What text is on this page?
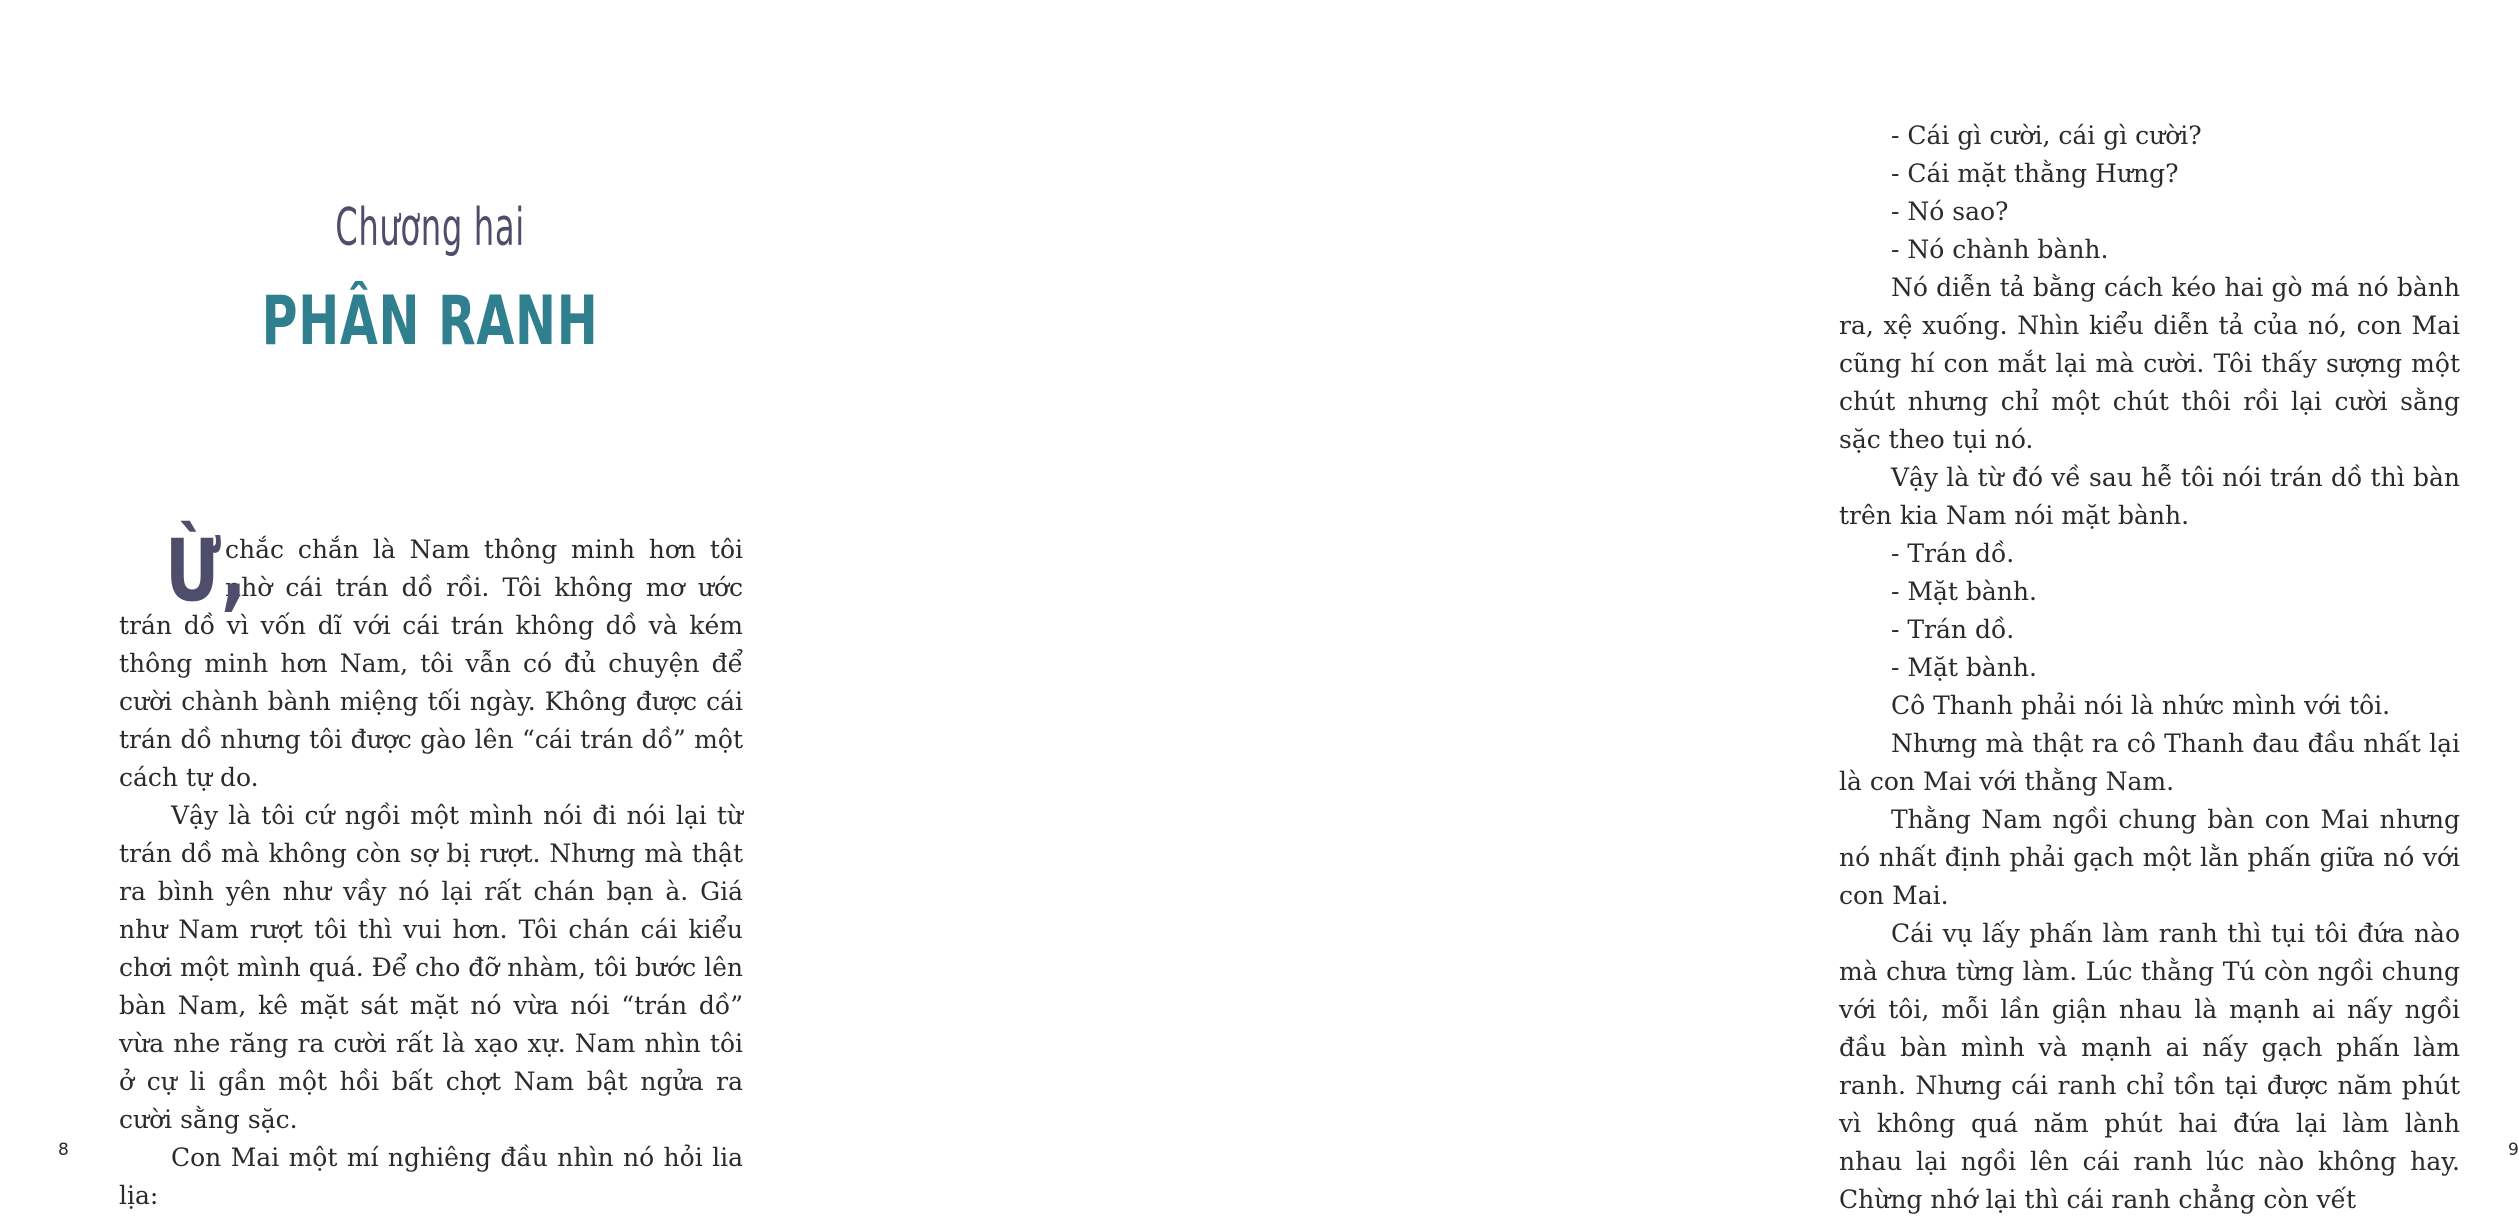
Chương hai
PHÂN RANH

Ừ,
chắc chắn là Nam thông minh hơn tôi nhờ cái trán dồ rồi. Tôi không mơ ước trán dồ vì vốn dĩ với cái trán không dồ và kém thông minh hơn Nam, tôi vẫn có đủ chuyện để cười chành bành miệng tối ngày. Không được cái trán dồ nhưng tôi được gào lên “cái trán dồ” một cách tự do.

Vậy là tôi cứ ngồi một mình nói đi nói lại từ trán dồ mà không còn sợ bị rượt. Nhưng mà thật ra bình yên như vầy nó lại rất chán bạn à. Giá như Nam rượt tôi thì vui hơn. Tôi chán cái kiểu chơi một mình quá. Để cho đỡ nhàm, tôi bước lên bàn Nam, kê mặt sát mặt nó vừa nói “trán dồ” vừa nhe răng ra cười rất là xạo xự. Nam nhìn tôi ở cự li gần một hồi bất chợt Nam bật ngửa ra cười sằng sặc.

Con Mai một mí nghiêng đầu nhìn nó hỏi lia lịa:

8

- Cái gì cười, cái gì cười?

- Cái mặt thằng Hưng?

- Nó sao?

- Nó chành bành.

Nó diễn tả bằng cách kéo hai gò má nó bành ra, xệ xuống. Nhìn kiểu diễn tả của nó, con Mai cũng hí con mắt lại mà cười. Tôi thấy sượng một chút nhưng chỉ một chút thôi rồi lại cười sằng sặc theo tụi nó.

Vậy là từ đó về sau hễ tôi nói trán dồ thì bàn trên kia Nam nói mặt bành.

- Trán dồ.

- Mặt bành.

- Trán dồ.

- Mặt bành.

Cô Thanh phải nói là nhức mình với tôi.

Nhưng mà thật ra cô Thanh đau đầu nhất lại là con Mai với thằng Nam.

Thằng Nam ngồi chung bàn con Mai nhưng nó nhất định phải gạch một lằn phấn giữa nó với con Mai.

Cái vụ lấy phấn làm ranh thì tụi tôi đứa nào mà chưa từng làm. Lúc thằng Tú còn ngồi chung với tôi, mỗi lần giận nhau là mạnh ai nấy ngồi đầu bàn mình và mạnh ai nấy gạch phấn làm ranh. Nhưng cái ranh chỉ tồn tại được năm phút vì không quá năm phút hai đứa lại làm lành nhau lại ngồi lên cái ranh lúc nào không hay. Chừng nhớ lại thì cái ranh chẳng còn vết

9
